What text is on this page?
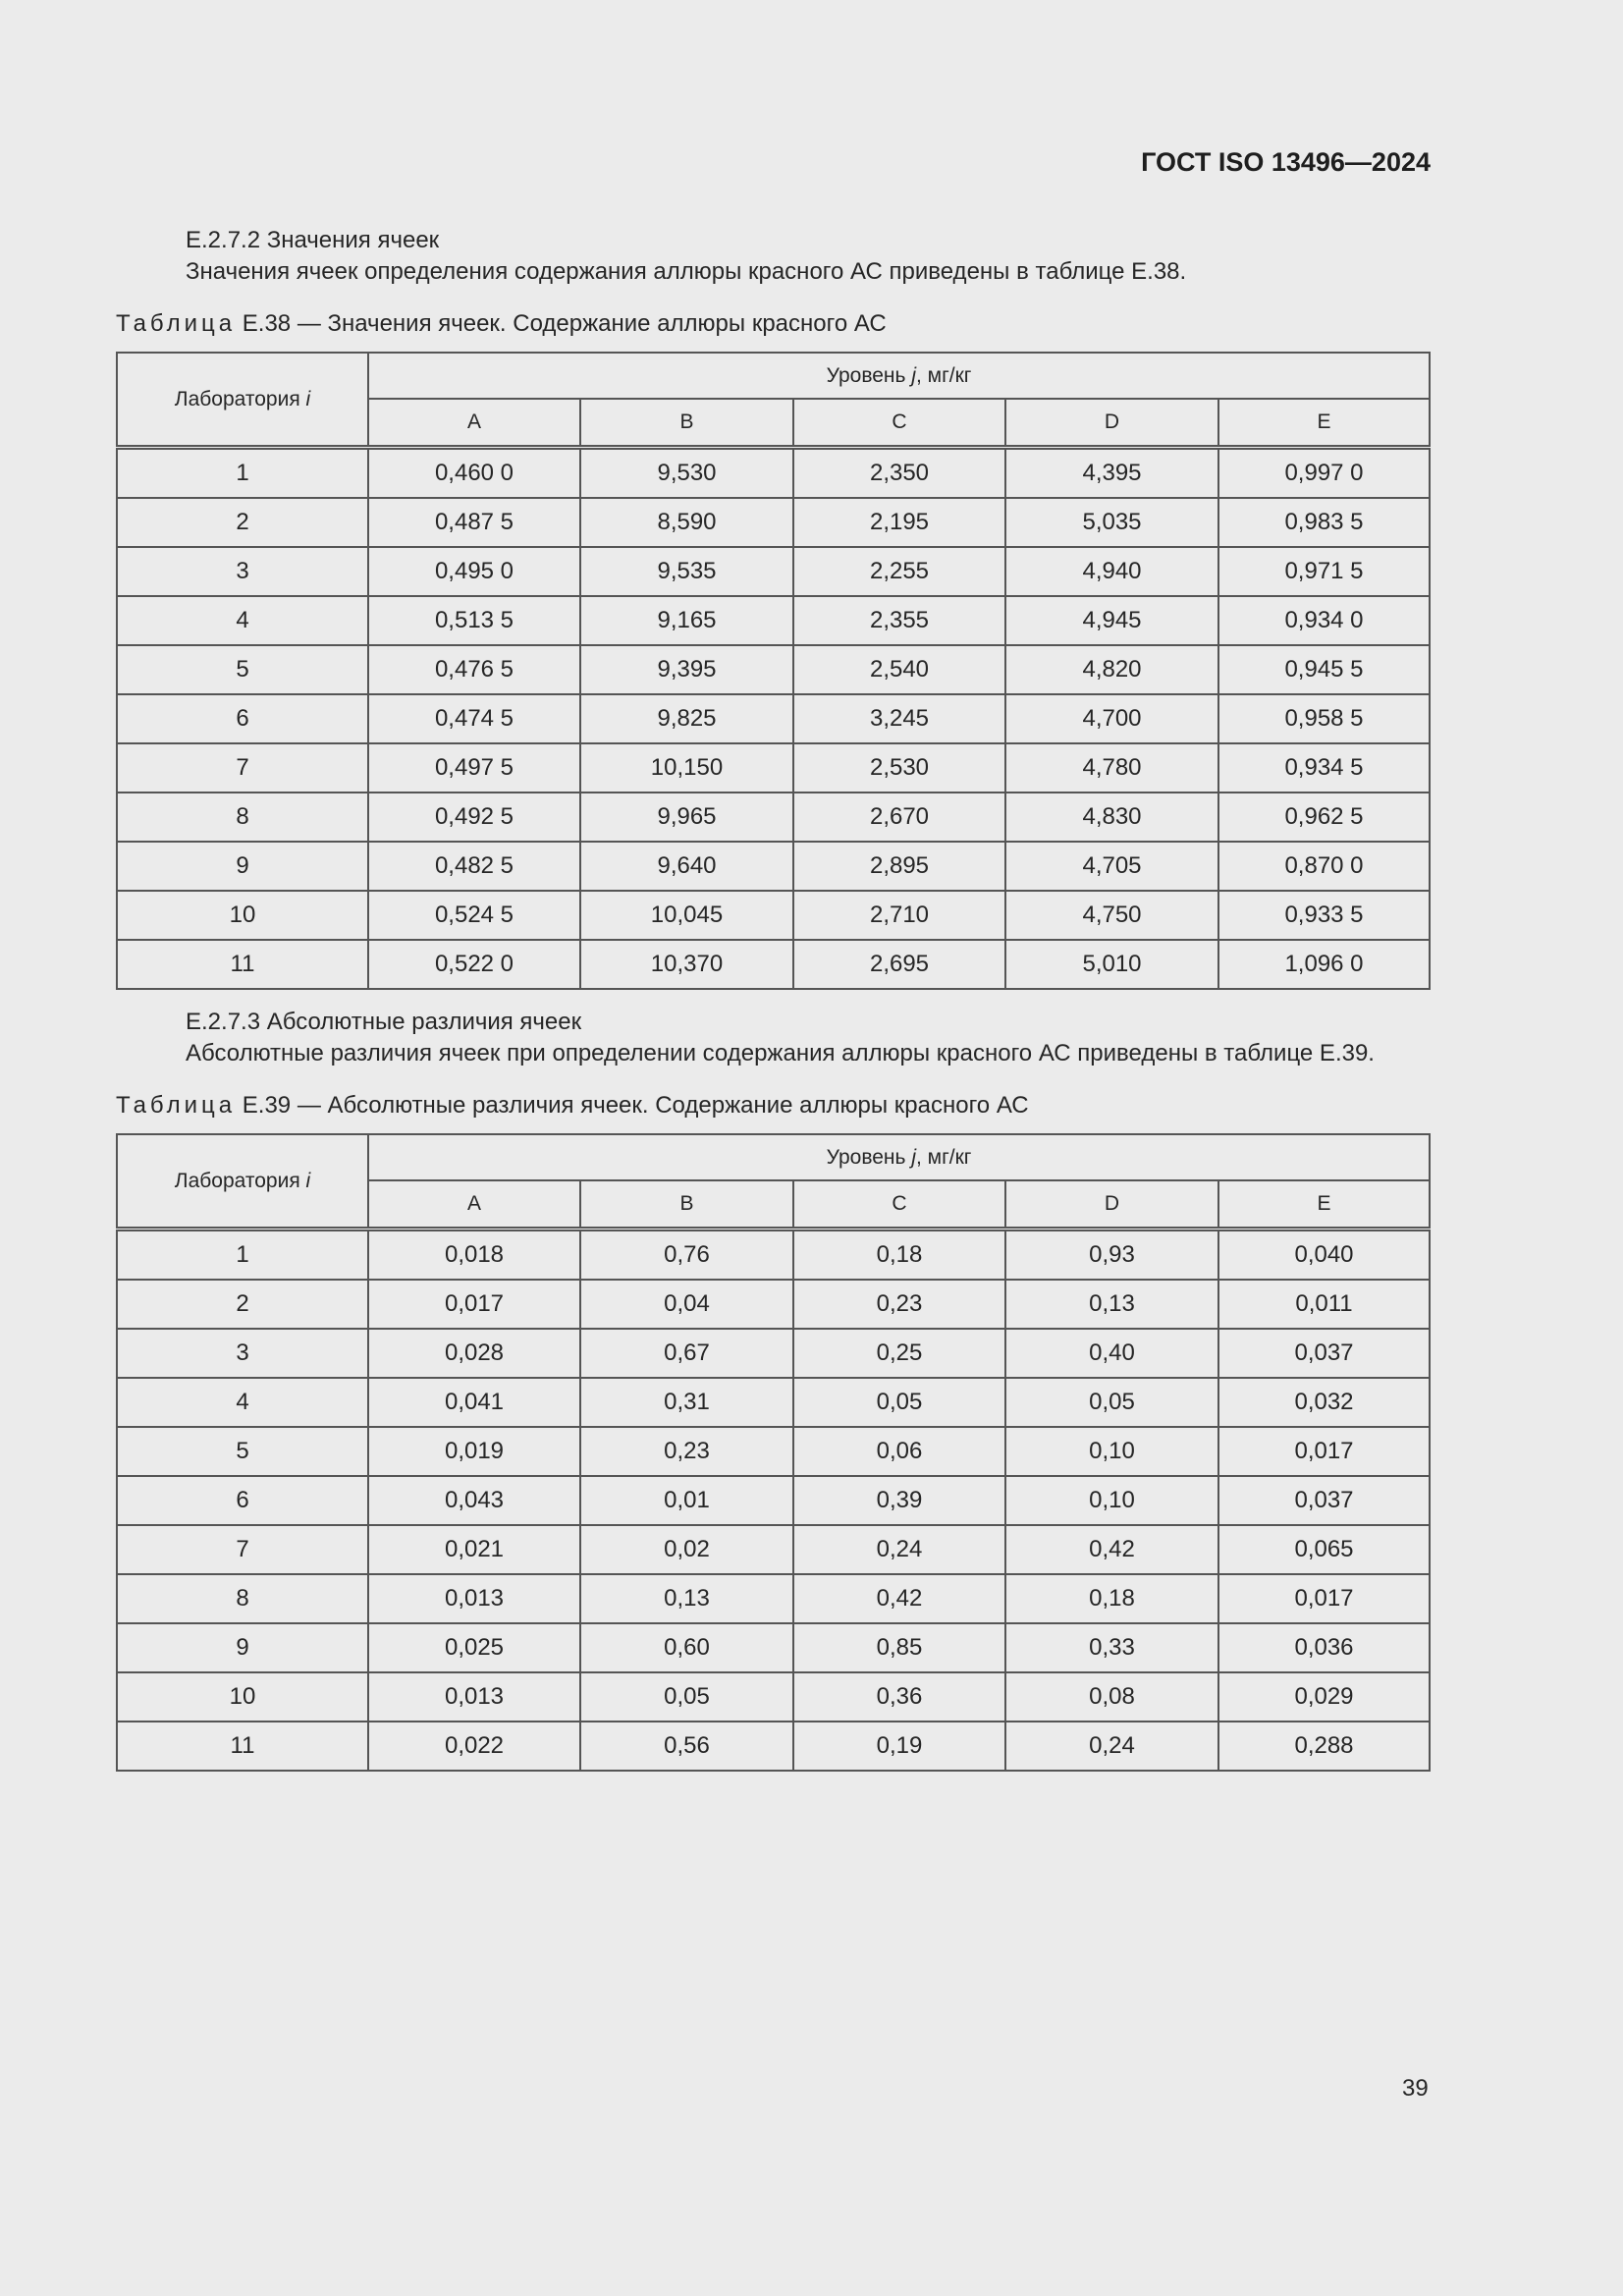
ГОСТ ISO 13496—2024
Е.2.7.2 Значения ячеек
Значения ячеек определения содержания аллюры красного АС приведены в таблице Е.38.
Таблица Е.38 — Значения ячеек. Содержание аллюры красного АС
Лаборатория i	Уровень j, мг/кг				
	A	B	C	D	E
1	0,460 0	9,530	2,350	4,395	0,997 0
2	0,487 5	8,590	2,195	5,035	0,983 5
3	0,495 0	9,535	2,255	4,940	0,971 5
4	0,513 5	9,165	2,355	4,945	0,934 0
5	0,476 5	9,395	2,540	4,820	0,945 5
6	0,474 5	9,825	3,245	4,700	0,958 5
7	0,497 5	10,150	2,530	4,780	0,934 5
8	0,492 5	9,965	2,670	4,830	0,962 5
9	0,482 5	9,640	2,895	4,705	0,870 0
10	0,524 5	10,045	2,710	4,750	0,933 5
11	0,522 0	10,370	2,695	5,010	1,096 0
Е.2.7.3 Абсолютные различия ячеек
Абсолютные различия ячеек при определении содержания аллюры красного АС приведены в таблице Е.39.
Таблица Е.39 — Абсолютные различия ячеек. Содержание аллюры красного АС
Лаборатория i	Уровень j, мг/кг				
	A	B	C	D	E
1	0,018	0,76	0,18	0,93	0,040
2	0,017	0,04	0,23	0,13	0,011
3	0,028	0,67	0,25	0,40	0,037
4	0,041	0,31	0,05	0,05	0,032
5	0,019	0,23	0,06	0,10	0,017
6	0,043	0,01	0,39	0,10	0,037
7	0,021	0,02	0,24	0,42	0,065
8	0,013	0,13	0,42	0,18	0,017
9	0,025	0,60	0,85	0,33	0,036
10	0,013	0,05	0,36	0,08	0,029
11	0,022	0,56	0,19	0,24	0,288
39
